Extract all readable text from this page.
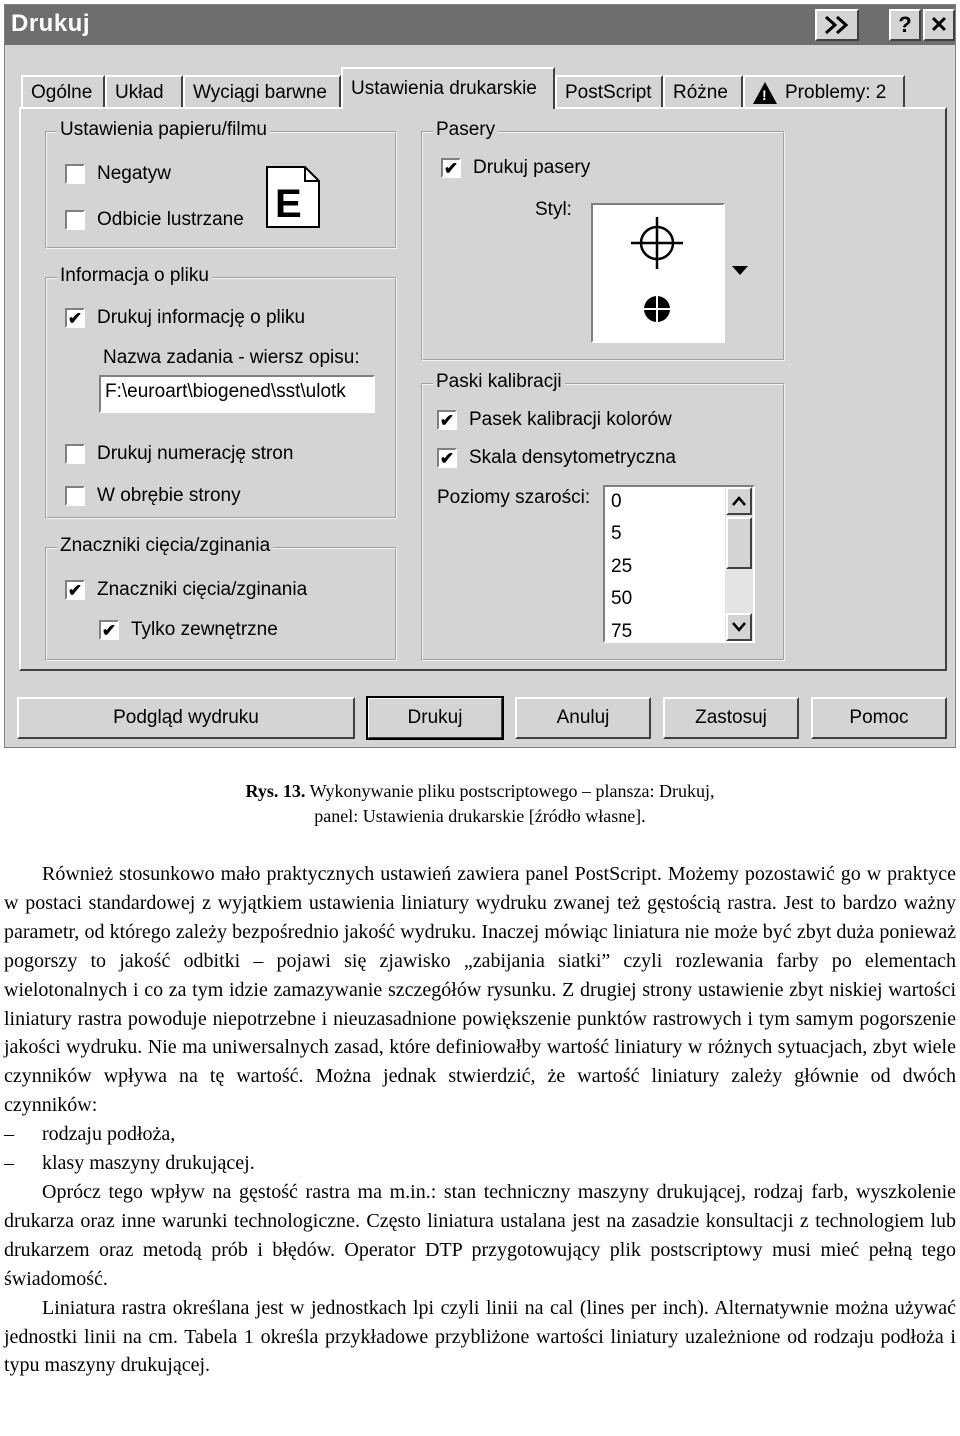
Drukuj	? ✕
Ogólne	Układ	Wyciągi barwne	Ustawienia drukarskie	PostScript	Różne	! Problemy: 2
Ustawienia papieru/filmu
Negatyw
Odbicie lustrzane E
Informacja o pliku
✔ Drukuj informację o pliku
Nazwa zadania - wiersz opisu:
F:\euroart\biogened\sst\ulotk
Drukuj numerację stron
W obrębie strony
Znaczniki cięcia/zginania
✔ Znaczniki cięcia/zginania
✔ Tylko zewnętrzne
Pasery
✔ Drukuj pasery
Styl:
Paski kalibracji
✔ Pasek kalibracji kolorów
✔ Skala densytometryczna
Poziomy szarości: 0
5
25
50
75
Podgląd wydruku	Drukuj	Anuluj	Zastosuj	Pomoc
Rys. 13. Wykonywanie pliku postscriptowego – plansza: Drukuj,
panel: Ustawienia drukarskie [źródło własne].

Również stosunkowo mało praktycznych ustawień zawiera panel PostScript. Możemy pozostawić go w praktyce w postaci standardowej z wyjątkiem ustawienia liniatury wydruku zwanej też gęstością rastra. Jest to bardzo ważny parametr, od którego zależy bezpośrednio jakość wydruku. Inaczej mówiąc liniatura nie może być zbyt duża ponieważ pogorszy to jakość odbitki – pojawi się zjawisko „zabijania siatki” czyli rozlewania farby po elementach wielotonalnych i co za tym idzie zamazywanie szczegółów rysunku. Z drugiej strony ustawienie zbyt niskiej wartości liniatury rastra powoduje niepotrzebne i nieuzasadnione powiększenie punktów rastrowych i tym samym pogorszenie jakości wydruku. Nie ma uniwersalnych zasad, które definiowałby wartość liniatury w różnych sytuacjach, zbyt wiele czynników wpływa na tę wartość. Można jednak stwierdzić, że wartość liniatury zależy głównie od dwóch czynników:

–	rodzaju podłoża,
–	klasy maszyny drukującej.

Oprócz tego wpływ na gęstość rastra ma m.in.: stan techniczny maszyny drukującej, rodzaj farb, wyszkolenie drukarza oraz inne warunki technologiczne. Często liniatura ustalana jest na zasadzie konsultacji z technologiem lub drukarzem oraz metodą prób i błędów. Operator DTP przygotowujący plik postscriptowy musi mieć pełną tego świadomość.

Liniatura rastra określana jest w jednostkach lpi czyli linii na cal (lines per inch). Alternatywnie można używać jednostki linii na cm. Tabela 1 określa przykładowe przybliżone wartości liniatury uzależnione od rodzaju podłoża i typu maszyny drukującej.
